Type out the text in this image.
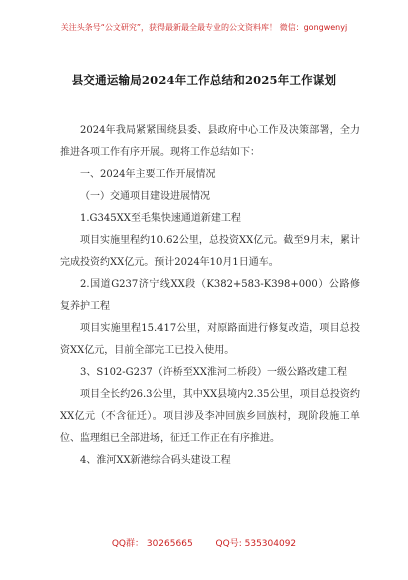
关注头条号“公文研究”，获得最新最全最专业的公文资料库！ 微信：gongwenyj
县交通运输局2024年工作总结和2025年工作谋划

2024年我局紧紧围绕县委、县政府中心工作及决策部署，全力推进各项工作有序开展。现将工作总结如下：

一、2024年主要工作开展情况

（一）交通项目建设进展情况

1.G345XX至毛集快速通道新建工程

项目实施里程约10.62公里，总投资XX亿元。截至9月末，累计完成投资约XX亿元。预计2024年10月1日通车。

2.国道G237济宁线XX段（K382+583-K398+000）公路修复养护工程

项目实施里程15.417公里，对原路面进行修复改造，项目总投资XX亿元，目前全部完工已投入使用。

3、S102-G237（许桥至XX淮河二桥段）一级公路改建工程

项目全长约26.3公里，其中XX县境内2.35公里，项目总投资约XX亿元（不含征迁）。项目涉及李冲回族乡回族村，现阶段施工单位、监理组已全部进场，征迁工作正在有序推进。

4、淮河XX新港综合码头建设工程

QQ群： 30265665        QQ号: 535304092
